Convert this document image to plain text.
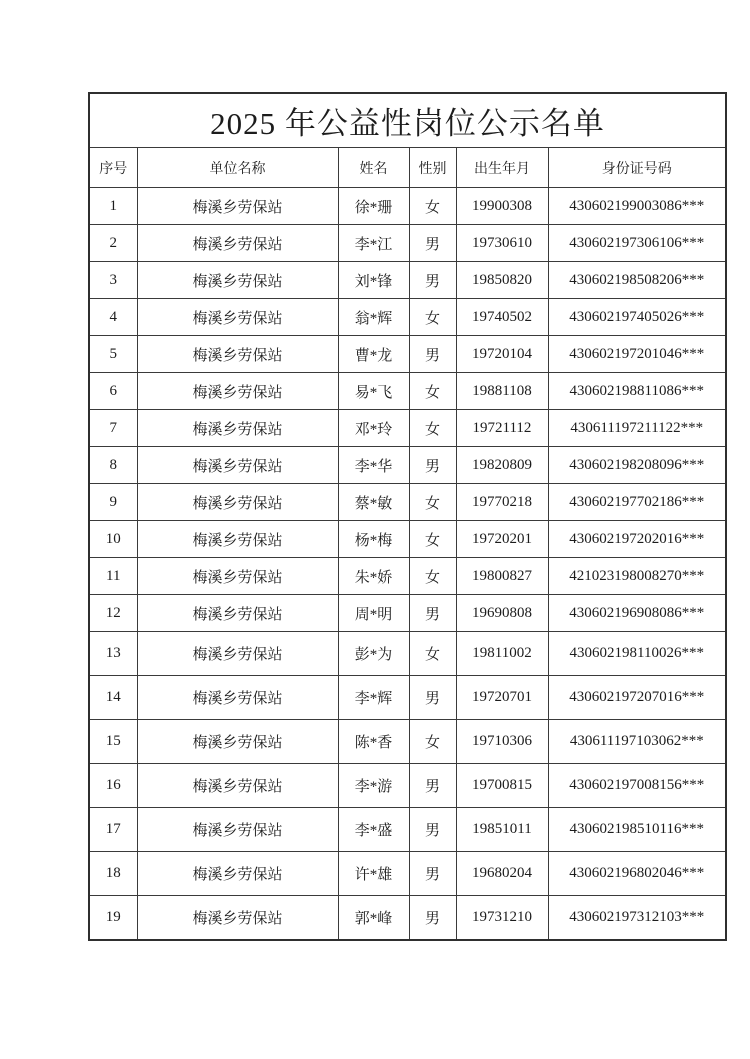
2025 年公益性岗位公示名单					
序号	单位名称	姓名	性别	出生年月	身份证号码
1	梅溪乡劳保站	徐*珊	女	19900308	430602199003086***
2	梅溪乡劳保站	李*江	男	19730610	430602197306106***
3	梅溪乡劳保站	刘*锋	男	19850820	430602198508206***
4	梅溪乡劳保站	翁*辉	女	19740502	430602197405026***
5	梅溪乡劳保站	曹*龙	男	19720104	430602197201046***
6	梅溪乡劳保站	易*飞	女	19881108	430602198811086***
7	梅溪乡劳保站	邓*玲	女	19721112	430611197211122***
8	梅溪乡劳保站	李*华	男	19820809	430602198208096***
9	梅溪乡劳保站	蔡*敏	女	19770218	430602197702186***
10	梅溪乡劳保站	杨*梅	女	19720201	430602197202016***
11	梅溪乡劳保站	朱*娇	女	19800827	421023198008270***
12	梅溪乡劳保站	周*明	男	19690808	430602196908086***
13	梅溪乡劳保站	彭*为	女	19811002	430602198110026***
14	梅溪乡劳保站	李*辉	男	19720701	430602197207016***
15	梅溪乡劳保站	陈*香	女	19710306	430611197103062***
16	梅溪乡劳保站	李*游	男	19700815	430602197008156***
17	梅溪乡劳保站	李*盛	男	19851011	430602198510116***
18	梅溪乡劳保站	许*雄	男	19680204	430602196802046***
19	梅溪乡劳保站	郭*峰	男	19731210	430602197312103***
